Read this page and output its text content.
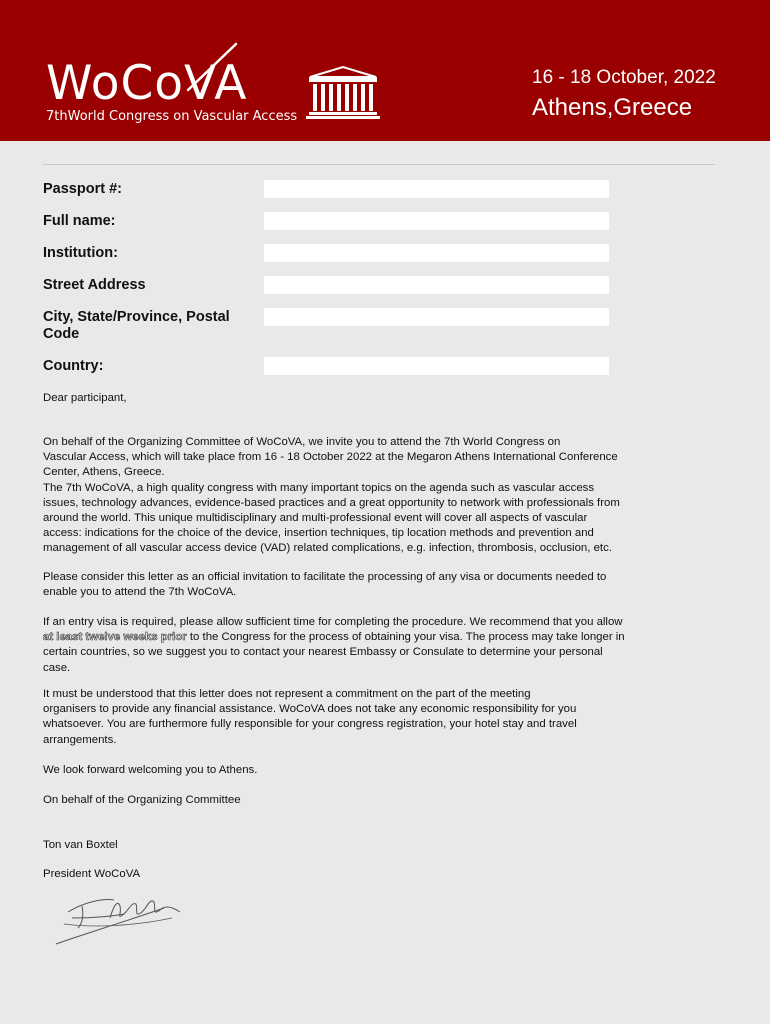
WoCoVA
7thWorld Congress on Vascular Access
16 - 18 October, 2022
Athens,Greece
Passport #:
Full name:
Institution:
Street Address
City, State/Province, Postal
Code
Country:
Dear participant,
On behalf of the Organizing Committee of WoCoVA, we invite you to attend the 7th World Congress on
Vascular Access, which will take place from 16 - 18 October 2022 at the Megaron Athens International Conference
Center, Athens, Greece.
The 7th WoCoVA, a high quality congress with many important topics on the agenda such as vascular access
issues, technology advances, evidence-based practices and a great opportunity to network with professionals from
around the world. This unique multidisciplinary and multi-professional event will cover all aspects of vascular
access: indications for the choice of the device, insertion techniques, tip location methods and prevention and
management of all vascular access device (VAD) related complications, e.g. infection, thrombosis, occlusion, etc.
Please consider this letter as an official invitation to facilitate the processing of any visa or documents needed to
enable you to attend the 7th WoCoVA.
If an entry visa is required, please allow sufficient time for completing the procedure. We recommend that you allow
at least twelve weeks prior to the Congress for the process of obtaining your visa. The process may take longer in
certain countries, so we suggest you to contact your nearest Embassy or Consulate to determine your personal
case.
It must be understood that this letter does not represent a commitment on the part of the meeting
organisers to provide any financial assistance. WoCoVA does not take any economic responsibility for you
whatsoever. You are furthermore fully responsible for your congress registration, your hotel stay and travel
arrangements.
We look forward welcoming you to Athens.
On behalf of the Organizing Committee
Ton van Boxtel
President WoCoVA
